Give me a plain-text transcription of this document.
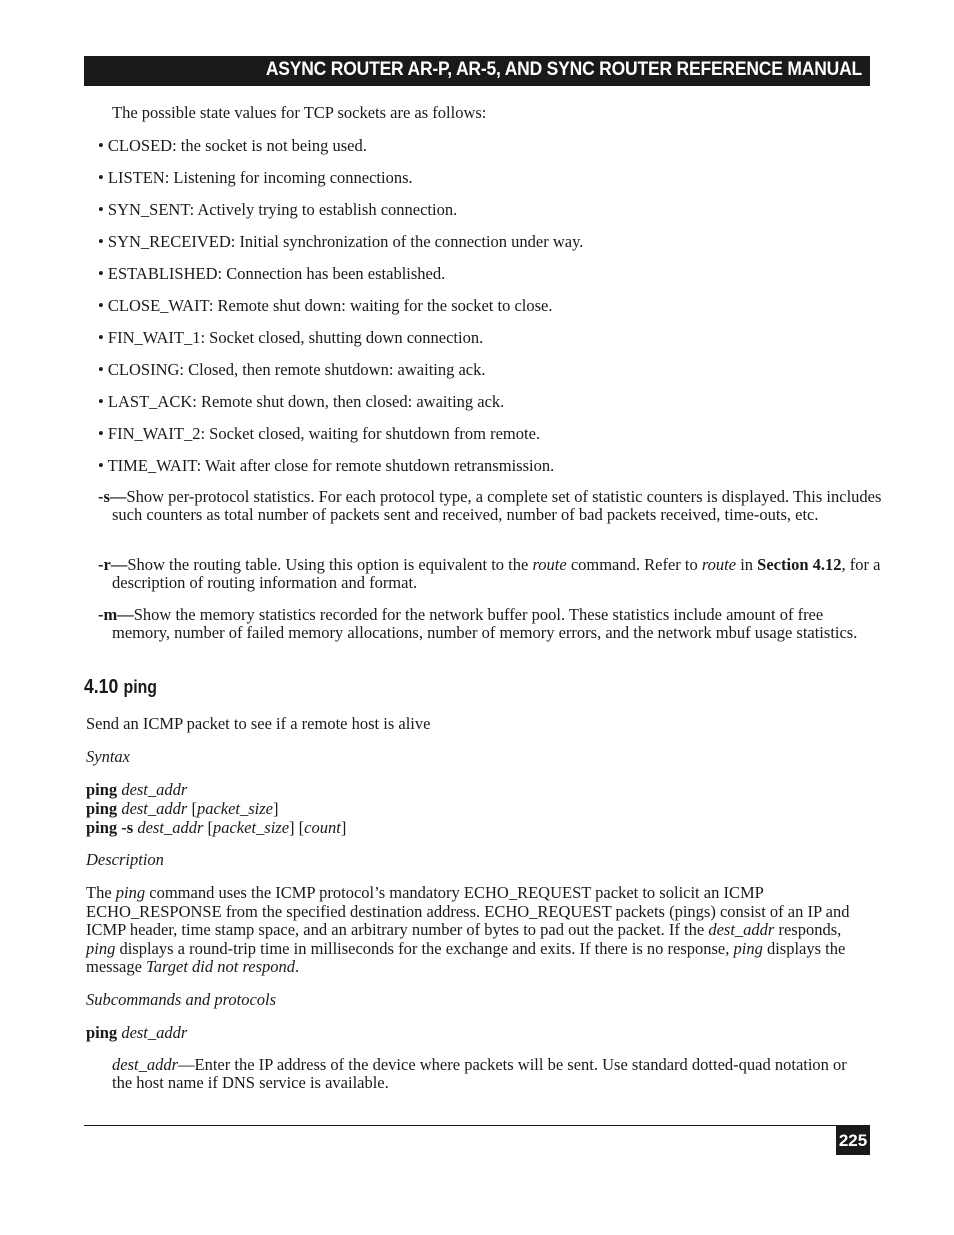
ASYNC ROUTER AR-P, AR-5, AND SYNC ROUTER REFERENCE MANUAL
The possible state values for TCP sockets are as follows:
• CLOSED: the socket is not being used.
• LISTEN: Listening for incoming connections.
• SYN_SENT: Actively trying to establish connection.
• SYN_RECEIVED: Initial synchronization of the connection under way.
• ESTABLISHED: Connection has been established.
• CLOSE_WAIT: Remote shut down: waiting for the socket to close.
• FIN_WAIT_1: Socket closed, shutting down connection.
• CLOSING: Closed, then remote shutdown: awaiting ack.
• LAST_ACK: Remote shut down, then closed: awaiting ack.
• FIN_WAIT_2: Socket closed, waiting for shutdown from remote.
• TIME_WAIT: Wait after close for remote shutdown retransmission.
-s—Show per-protocol statistics. For each protocol type, a complete set of statistic counters is displayed. This includes such counters as total number of packets sent and received, number of bad packets received, time-outs, etc.
-r—Show the routing table. Using this option is equivalent to the route command. Refer to route in Section 4.12, for a description of routing information and format.
-m—Show the memory statistics recorded for the network buffer pool. These statistics include amount of free memory, number of failed memory allocations, number of memory errors, and the network mbuf usage statistics.
4.10 ping
Send an ICMP packet to see if a remote host is alive
Syntax
ping dest_addr
ping dest_addr [packet_size]
ping -s dest_addr [packet_size] [count]
Description
The ping command uses the ICMP protocol’s mandatory ECHO_REQUEST packet to solicit an ICMP ECHO_RESPONSE from the specified destination address. ECHO_REQUEST packets (pings) consist of an IP and ICMP header, time stamp space, and an arbitrary number of bytes to pad out the packet. If the dest_addr responds, ping displays a round-trip time in milliseconds for the exchange and exits. If there is no response, ping displays the message Target did not respond.
Subcommands and protocols
ping dest_addr
dest_addr—Enter the IP address of the device where packets will be sent. Use standard dotted-quad notation or the host name if DNS service is available.
225
